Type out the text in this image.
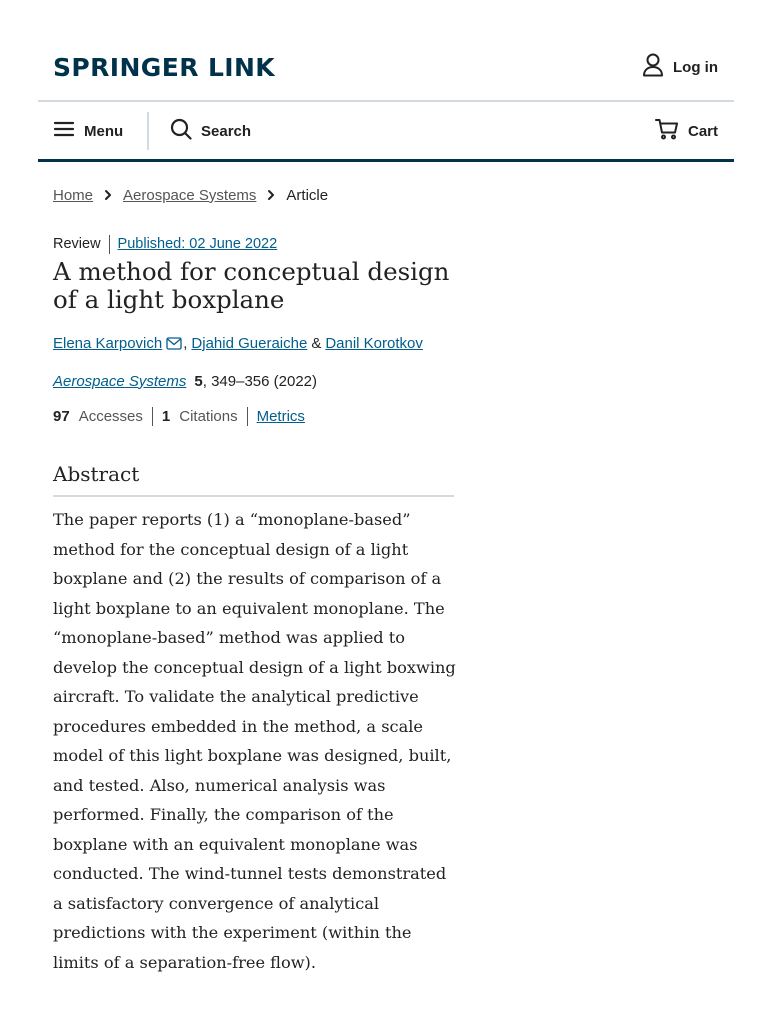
SPRINGER LINK	Log in
Menu	Search	Cart
Home Aerospace Systems Article
Review Published: 02 June 2022
A method for conceptual design of a light boxplane
Elena Karpovich , Djahid Gueraiche & Danil Korotkov
Aerospace Systems 5 , 349–356 (2022)
97 Accesses 1 Citations Metrics
Abstract

The paper reports (1) a “monoplane-based” method for the conceptual design of a light boxplane and (2) the results of comparison of a light boxplane to an equivalent monoplane. The “monoplane-based” method was applied to develop the conceptual design of a light boxwing aircraft. To validate the analytical predictive procedures embedded in the method, a scale model of this light boxplane was designed, built, and tested. Also, numerical analysis was performed. Finally, the comparison of the boxplane with an equivalent monoplane was conducted. The wind-tunnel tests demonstrated a satisfactory convergence of analytical predictions with the experiment (within the limits of a separation-free flow).
